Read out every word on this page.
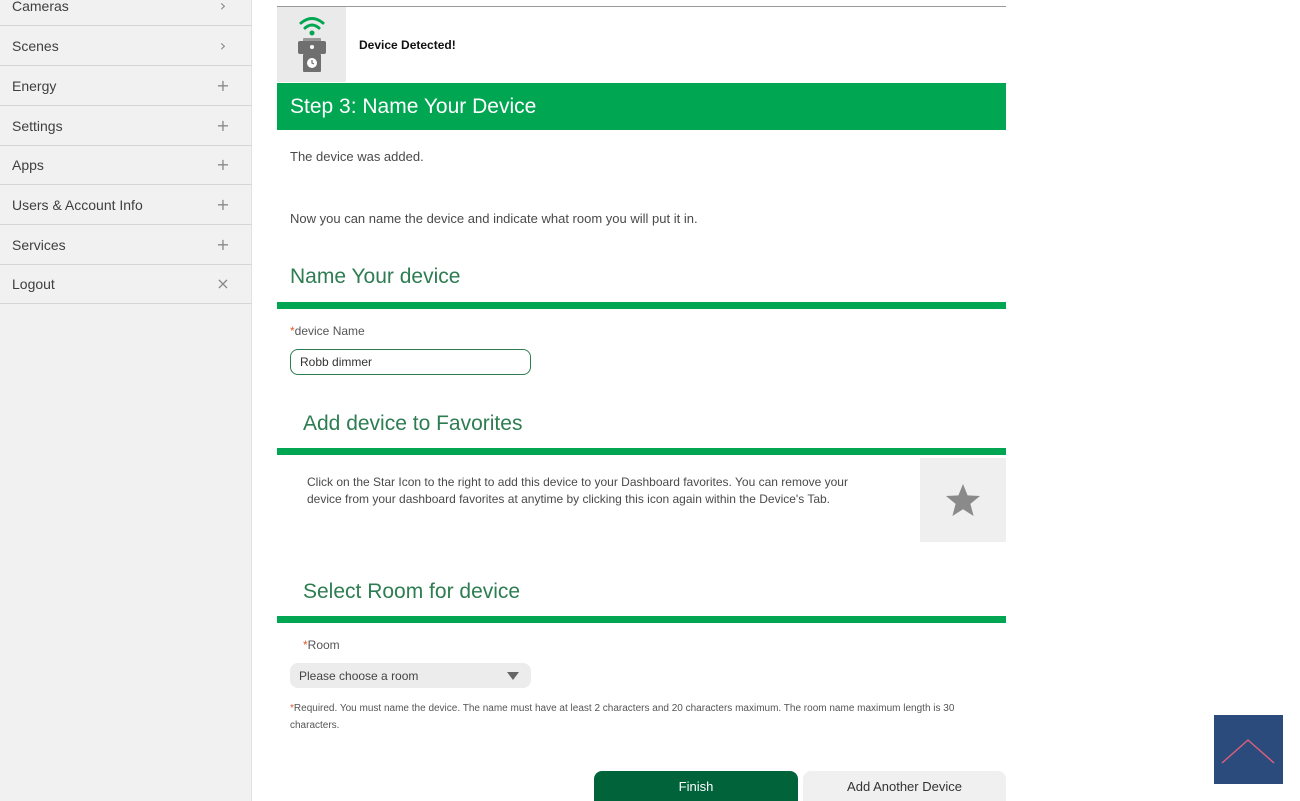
Cameras	›
Scenes	›
Energy	+
Settings	+
Apps	+
Users & Account Info	+
Services	+
Logout	×
Device Detected!
Step 3: Name Your Device

The device was added.

Now you can name the device and indicate what room you will put it in.

Name Your device
*device Name
Robb dimmer
Add device to Favorites

Click on the Star Icon to the right to add this device to your Dashboard favorites. You can remove your device from your dashboard favorites at anytime by clicking this icon again within the Device's Tab.

Select Room for device
*Room
Please choose a room

*Required. You must name the device. The name must have at least 2 characters and 20 characters maximum. The room name maximum length is 30 characters.

Finish	Add Another Device
